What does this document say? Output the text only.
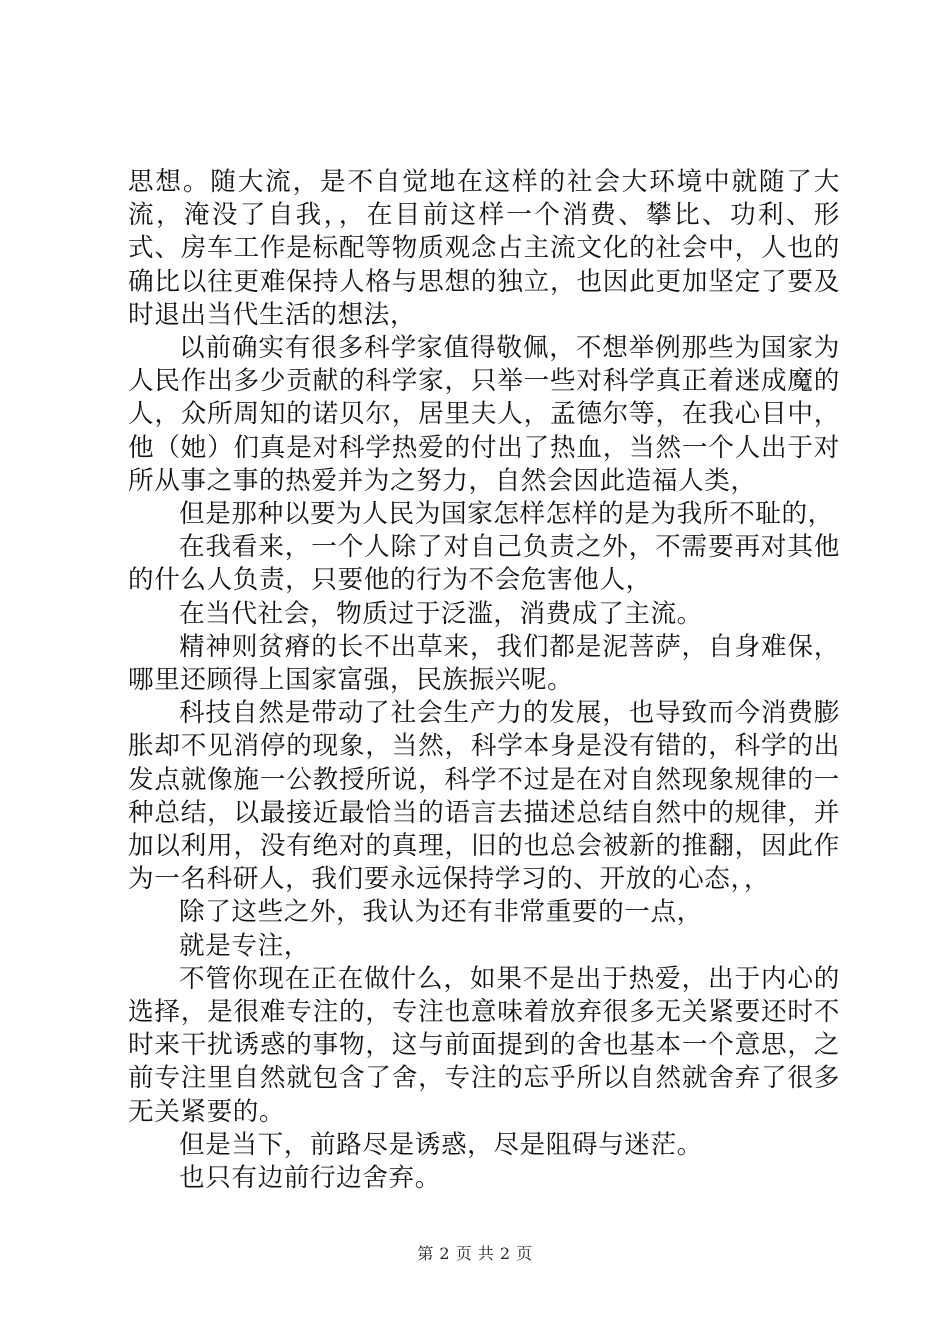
思想。随大流，是不自觉地在这样的社会大环境中就随了大流，淹没了自我，，在目前这样一个消费、攀比、功利、形式、房车工作是标配等物质观念占主流文化的社会中，人也的确比以往更难保持人格与思想的独立，也因此更加坚定了要及时退出当代生活的想法，

以前确实有很多科学家值得敬佩，不想举例那些为国家为人民作出多少贡献的科学家，只举一些对科学真正着迷成魔的人，众所周知的诺贝尔，居里夫人，孟德尔等，在我心目中，他（她）们真是对科学热爱的付出了热血，当然一个人出于对所从事之事的热爱并为之努力，自然会因此造福人类，

但是那种以要为人民为国家怎样怎样的是为我所不耻的，

在我看来，一个人除了对自己负责之外，不需要再对其他的什么人负责，只要他的行为不会危害他人，

在当代社会，物质过于泛滥，消费成了主流。

精神则贫瘠的长不出草来，我们都是泥菩萨，自身难保，哪里还顾得上国家富强，民族振兴呢。

科技自然是带动了社会生产力的发展，也导致而今消费膨胀却不见消停的现象，当然，科学本身是没有错的，科学的出发点就像施一公教授所说，科学不过是在对自然现象规律的一种总结，以最接近最恰当的语言去描述总结自然中的规律，并加以利用，没有绝对的真理，旧的也总会被新的推翻，因此作为一名科研人，我们要永远保持学习的、开放的心态，，

除了这些之外，我认为还有非常重要的一点，

就是专注，

不管你现在正在做什么，如果不是出于热爱，出于内心的选择，是很难专注的，专注也意味着放弃很多无关紧要还时不时来干扰诱惑的事物，这与前面提到的舍也基本一个意思，之前专注里自然就包含了舍，专注的忘乎所以自然就舍弃了很多无关紧要的。

但是当下，前路尽是诱惑，尽是阻碍与迷茫。

也只有边前行边舍弃。

第 2 页 共 2 页
